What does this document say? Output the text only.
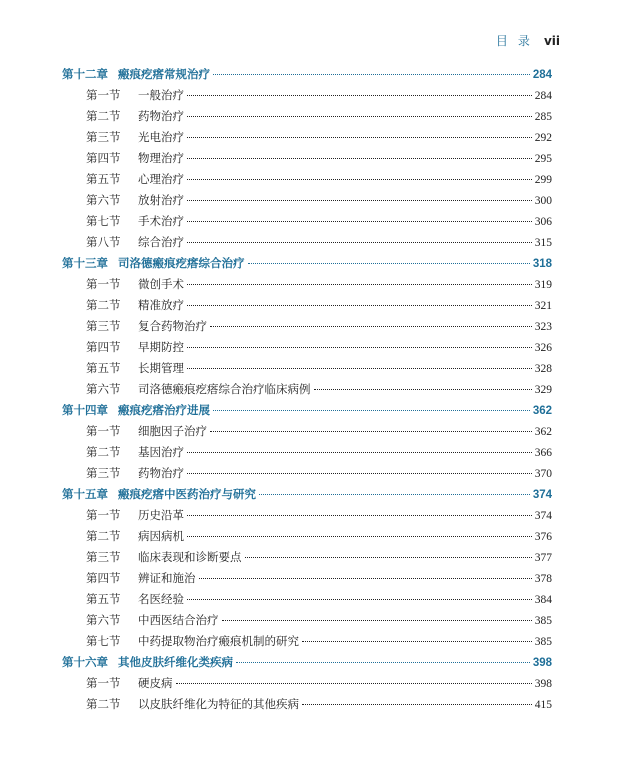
目录 vii
第十二章 瘢痕疙瘩常规治疗	284
第一节	一般治疗	284
第二节	药物治疗	285
第三节	光电治疗	292
第四节	物理治疗	295
第五节	心理治疗	299
第六节	放射治疗	300
第七节	手术治疗	306
第八节	综合治疗	315
第十三章 司洛德瘢痕疙瘩综合治疗	318
第一节	微创手术	319
第二节	精准放疗	321
第三节	复合药物治疗	323
第四节	早期防控	326
第五节	长期管理	328
第六节	司洛德瘢痕疙瘩综合治疗临床病例	329
第十四章 瘢痕疙瘩治疗进展	362
第一节	细胞因子治疗	362
第二节	基因治疗	366
第三节	药物治疗	370
第十五章 瘢痕疙瘩中医药治疗与研究	374
第一节	历史沿革	374
第二节	病因病机	376
第三节	临床表现和诊断要点	377
第四节	辨证和施治	378
第五节	名医经验	384
第六节	中西医结合治疗	385
第七节	中药提取物治疗瘢痕机制的研究	385
第十六章 其他皮肤纤维化类疾病	398
第一节	硬皮病	398
第二节	以皮肤纤维化为特征的其他疾病	415
